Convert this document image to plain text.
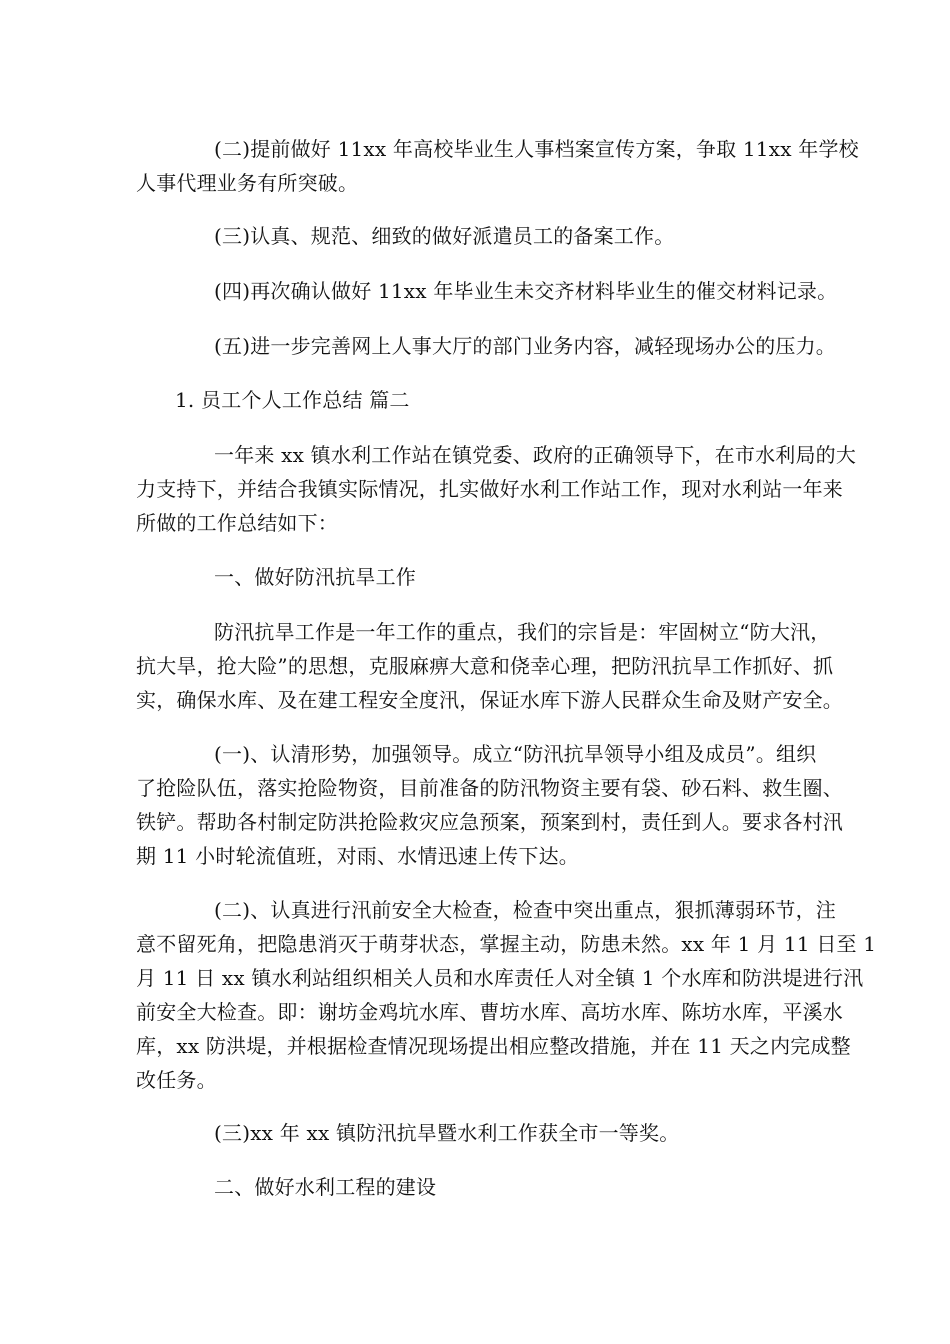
(二)提前做好 11xx 年高校毕业生人事档案宣传方案，争取 11xx 年学校
人事代理业务有所突破。
(三)认真、规范、细致的做好派遣员工的备案工作。
(四)再次确认做好 11xx 年毕业生未交齐材料毕业生的催交材料记录。
(五)进一步完善网上人事大厅的部门业务内容，减轻现场办公的压力。
1. 员工个人工作总结 篇二
一年来 xx 镇水利工作站在镇党委、政府的正确领导下，在市水利局的大
力支持下，并结合我镇实际情况，扎实做好水利工作站工作，现对水利站一年来
所做的工作总结如下：
一、做好防汛抗旱工作
防汛抗旱工作是一年工作的重点，我们的宗旨是：牢固树立“防大汛，
抗大旱，抢大险”的思想，克服麻痹大意和侥幸心理，把防汛抗旱工作抓好、抓
实，确保水库、及在建工程安全度汛，保证水库下游人民群众生命及财产安全。
(一)、认清形势，加强领导。成立“防汛抗旱领导小组及成员”。组织
了抢险队伍，落实抢险物资，目前准备的防汛物资主要有袋、砂石料、救生圈、
铁铲。帮助各村制定防洪抢险救灾应急预案，预案到村，责任到人。要求各村汛
期 11 小时轮流值班，对雨、水情迅速上传下达。
(二)、认真进行汛前安全大检查，检查中突出重点，狠抓薄弱环节，注
意不留死角，把隐患消灭于萌芽状态，掌握主动，防患未然。xx 年 1 月 11 日至 1
月 11 日 xx 镇水利站组织相关人员和水库责任人对全镇 1 个水库和防洪堤进行汛
前安全大检查。即：谢坊金鸡坑水库、曹坊水库、高坊水库、陈坊水库，平溪水
库，xx 防洪堤，并根据检查情况现场提出相应整改措施，并在 11 天之内完成整
改任务。
(三)xx 年 xx 镇防汛抗旱暨水利工作获全市一等奖。
二、做好水利工程的建设
